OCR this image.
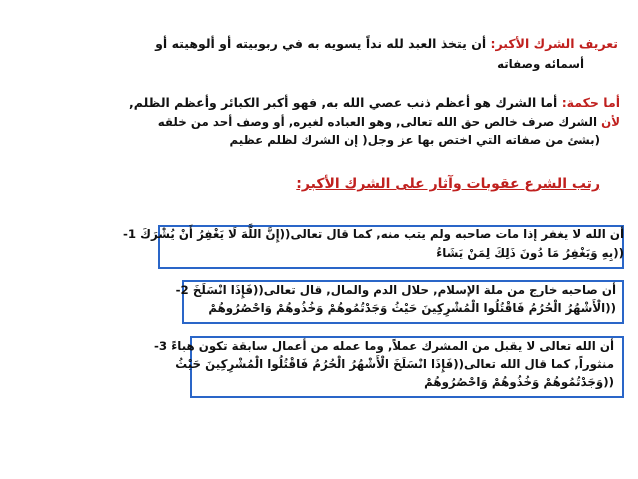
تعريف الشرك الأكبر: أن يتخذ العبد لله نداً يسويه به في ربوبيته أو ألوهيته أو
أسمائه وصفاته
أما حكمة: أما الشرك هو أعظم ذنب عصي الله به, فهو أكبر الكبائر وأعظم الظلم,
لأن الشرك صرف خالص حق الله تعالى, وهو العباده لغيره, أو وصف أحد من خلقه
(بشئ من صفاته التي اختص بها عز وجل( إن الشرك لظلم عظيم
رتب الشرع عقوبات وآثار على الشرك الأكبر:
أن الله لا يغفر إذا مات صاحبه ولم يتب منه, كما قال تعالى((إِنَّ اللَّهَ لَا يَغْفِرُ أَنْ يُشْرَكَ 1-
((بِهِ وَيَغْفِرُ مَا دُونَ ذَلِكَ لِمَنْ يَشَاءُ
أن صاحبه خارج من ملة الإسلام, حلال الدم والمال, قال تعالى((فَإِذَا انْسَلَخَ 2-
((الْأَشْهُرُ الْحُرُمُ فَاقْتُلُوا الْمُشْرِكِينَ حَيْثُ وَجَدْتُمُوهُمْ وَخُذُوهُمْ وَاحْصُرُوهُمْ
أن الله تعالى لا يقبل من المشرك عملاً, وما عمله من أعمال سابقة تكون هباءً 3-
منثوراً, كما قال الله تعالى((فَإِذَا انْسَلَخَ الْأَشْهُرُ الْحُرُمُ فَاقْتُلُوا الْمُشْرِكِينَ حَيْثُ
((وَجَدْتُمُوهُمْ وَخُذُوهُمْ وَاحْصُرُوهُمْ
